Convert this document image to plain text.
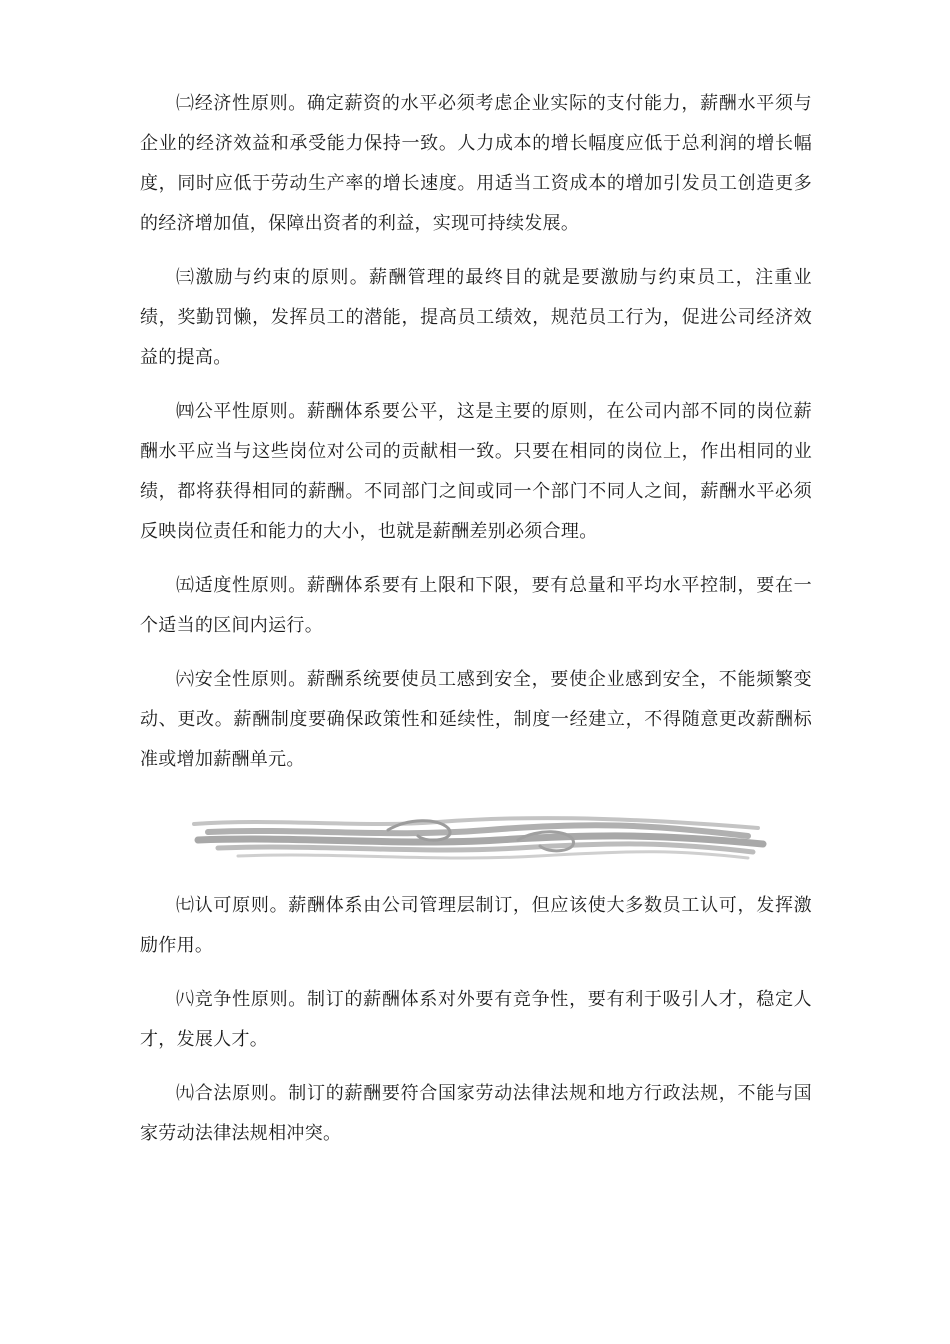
㈡经济性原则。确定薪资的水平必须考虑企业实际的支付能力，薪酬水平须与企业的经济效益和承受能力保持一致。人力成本的增长幅度应低于总利润的增长幅度，同时应低于劳动生产率的增长速度。用适当工资成本的增加引发员工创造更多的经济增加值，保障出资者的利益，实现可持续发展。

㈢激励与约束的原则。薪酬管理的最终目的就是要激励与约束员工，注重业绩，奖勤罚懒，发挥员工的潜能，提高员工绩效，规范员工行为，促进公司经济效益的提高。

㈣公平性原则。薪酬体系要公平，这是主要的原则，在公司内部不同的岗位薪酬水平应当与这些岗位对公司的贡献相一致。只要在相同的岗位上，作出相同的业绩，都将获得相同的薪酬。不同部门之间或同一个部门不同人之间，薪酬水平必须反映岗位责任和能力的大小，也就是薪酬差别必须合理。

㈤适度性原则。薪酬体系要有上限和下限，要有总量和平均水平控制，要在一个适当的区间内运行。

㈥安全性原则。薪酬系统要使员工感到安全，要使企业感到安全，不能频繁变动、更改。薪酬制度要确保政策性和延续性，制度一经建立，不得随意更改薪酬标准或增加薪酬单元。

㈦认可原则。薪酬体系由公司管理层制订，但应该使大多数员工认可，发挥激励作用。

㈧竞争性原则。制订的薪酬体系对外要有竞争性，要有利于吸引人才，稳定人才，发展人才。

㈨合法原则。制订的薪酬要符合国家劳动法律法规和地方行政法规，不能与国家劳动法律法规相冲突。
